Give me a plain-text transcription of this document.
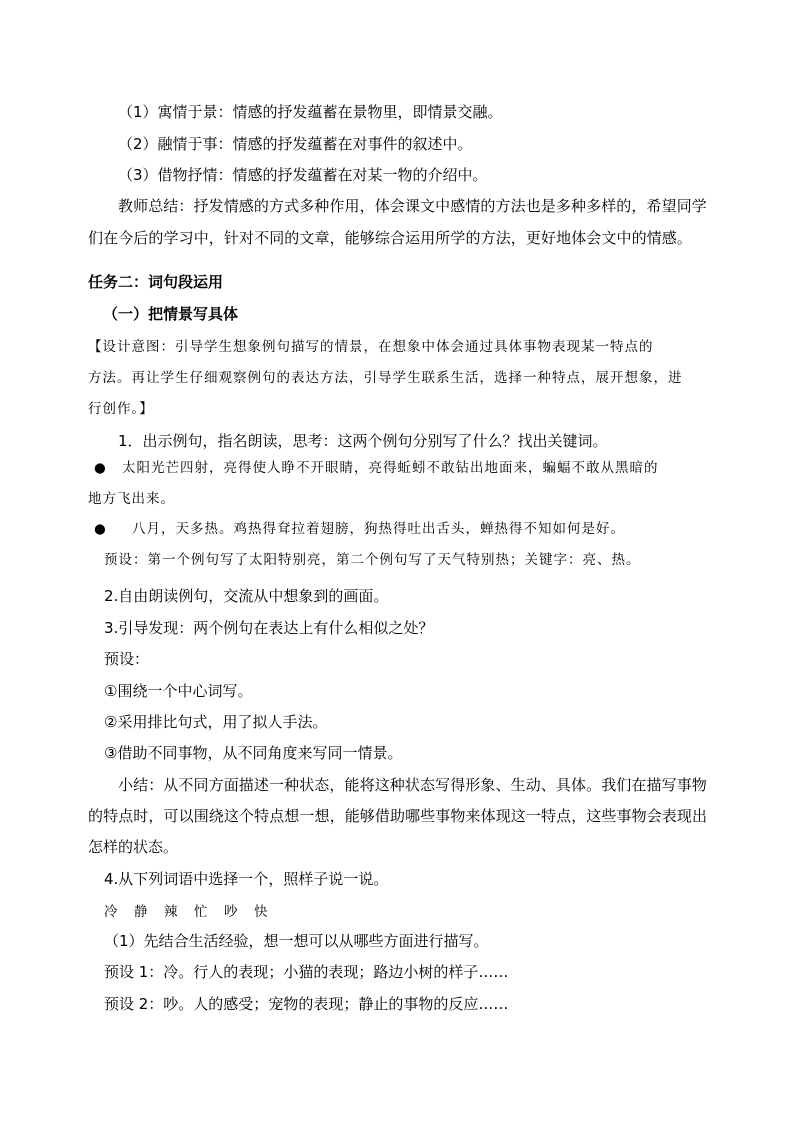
（1）寓情于景：情感的抒发蕴蓄在景物里，即情景交融。
（2）融情于事：情感的抒发蕴蓄在对事件的叙述中。
（3）借物抒情：情感的抒发蕴蓄在对某一物的介绍中。
教师总结：抒发情感的方式多种作用，体会课文中感情的方法也是多种多样的，希望同学
们在今后的学习中，针对不同的文章，能够综合运用所学的方法，更好地体会文中的情感。
任务二：词句段运用
（一）把情景写具体
【设计意图：引导学生想象例句描写的情景，在想象中体会通过具体事物表现某一特点的
方法。再让学生仔细观察例句的表达方法，引导学生联系生活，选择一种特点，展开想象，进
行创作。】
1．出示例句，指名朗读，思考：这两个例句分别写了什么？找出关键词。
● 太阳光芒四射，亮得使人睁不开眼睛，亮得蚯蚓不敢钻出地面来，蝙蝠不敢从黑暗的
地方飞出来。
● 八月，天多热。鸡热得耷拉着翅膀，狗热得吐出舌头，蝉热得不知如何是好。
预设：第一个例句写了太阳特别亮，第二个例句写了天气特别热；关键字：亮、热。
2.自由朗读例句，交流从中想象到的画面。
3.引导发现：两个例句在表达上有什么相似之处？
预设：
①围绕一个中心词写。
②采用排比句式，用了拟人手法。
③借助不同事物，从不同角度来写同一情景。
小结：从不同方面描述一种状态，能将这种状态写得形象、生动、具体。我们在描写事物
的特点时，可以围绕这个特点想一想，能够借助哪些事物来体现这一特点，这些事物会表现出
怎样的状态。
4.从下列词语中选择一个，照样子说一说。
冷 静 辣 忙 吵 快
（1）先结合生活经验，想一想可以从哪些方面进行描写。
预设 1：冷。行人的表现；小猫的表现；路边小树的样子……
预设 2：吵。人的感受；宠物的表现；静止的事物的反应……
